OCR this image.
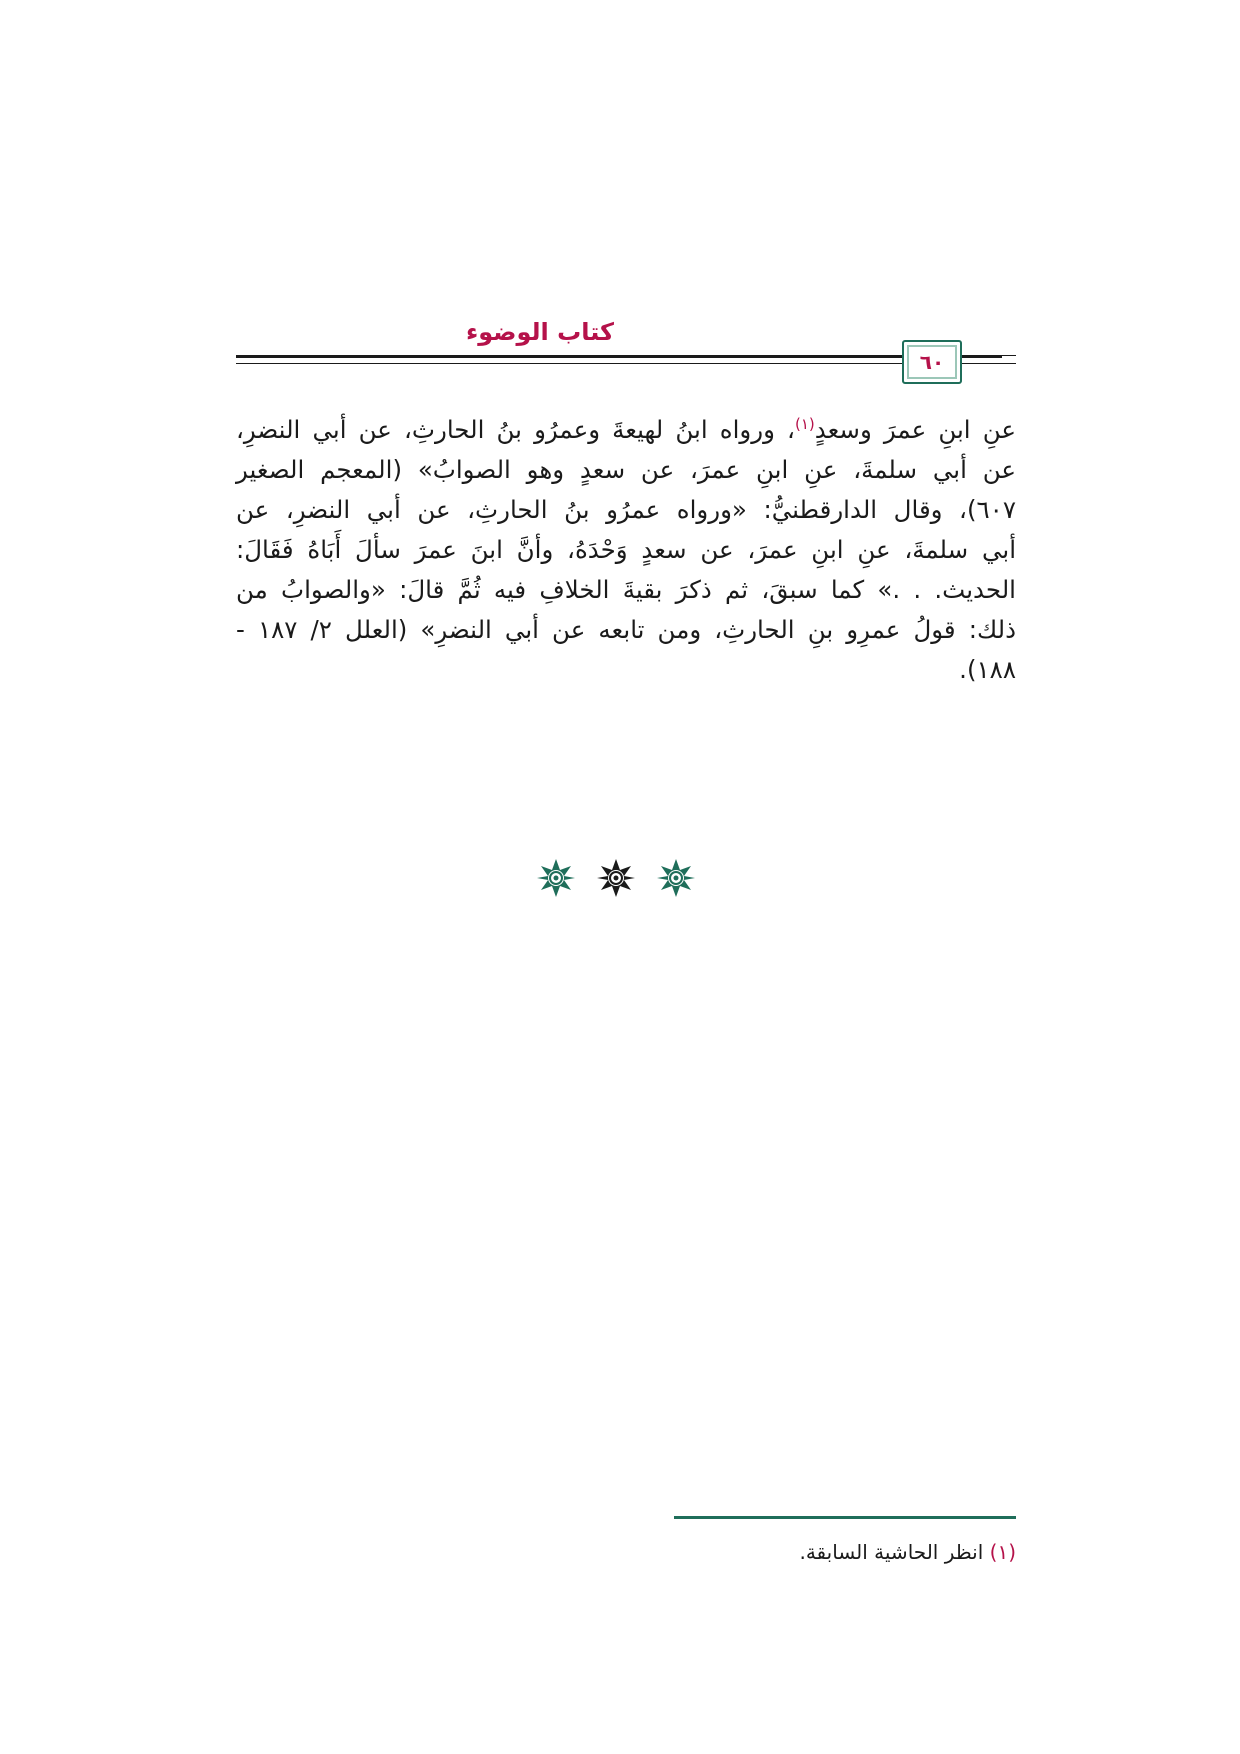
كتاب الوضوء
٦٠

عنِ ابنِ عمرَ وسعدٍ$^{(١)}$، ورواه ابنُ لهيعةَ وعمرُو بنُ الحارثِ، عن أبي النضرِ،
عن أبي سلمةَ، عنِ ابنِ عمرَ، عن سعدٍ وهو الصوابُ» (المعجم الصغير
٦٠٧)، وقال الدارقطنيُّ: «ورواه عمرُو بنُ الحارثِ، عن أبي النضرِ، عن
أبي سلمةَ، عنِ ابنِ عمرَ، عن سعدٍ وَحْدَهُ، وأنَّ ابنَ عمرَ سألَ أَبَاهُ فَقَالَ:
الحديث. . .» كما سبقَ، ثم ذكرَ بقيةَ الخلافِ فيه ثُمَّ قالَ: «والصوابُ من
ذلك: قولُ عمرِو بنِ الحارثِ، ومن تابعه عن أبي النضرِ» (العلل ٢/ ١٨٧ -
١٨٨).

(١) انظر الحاشية السابقة.
